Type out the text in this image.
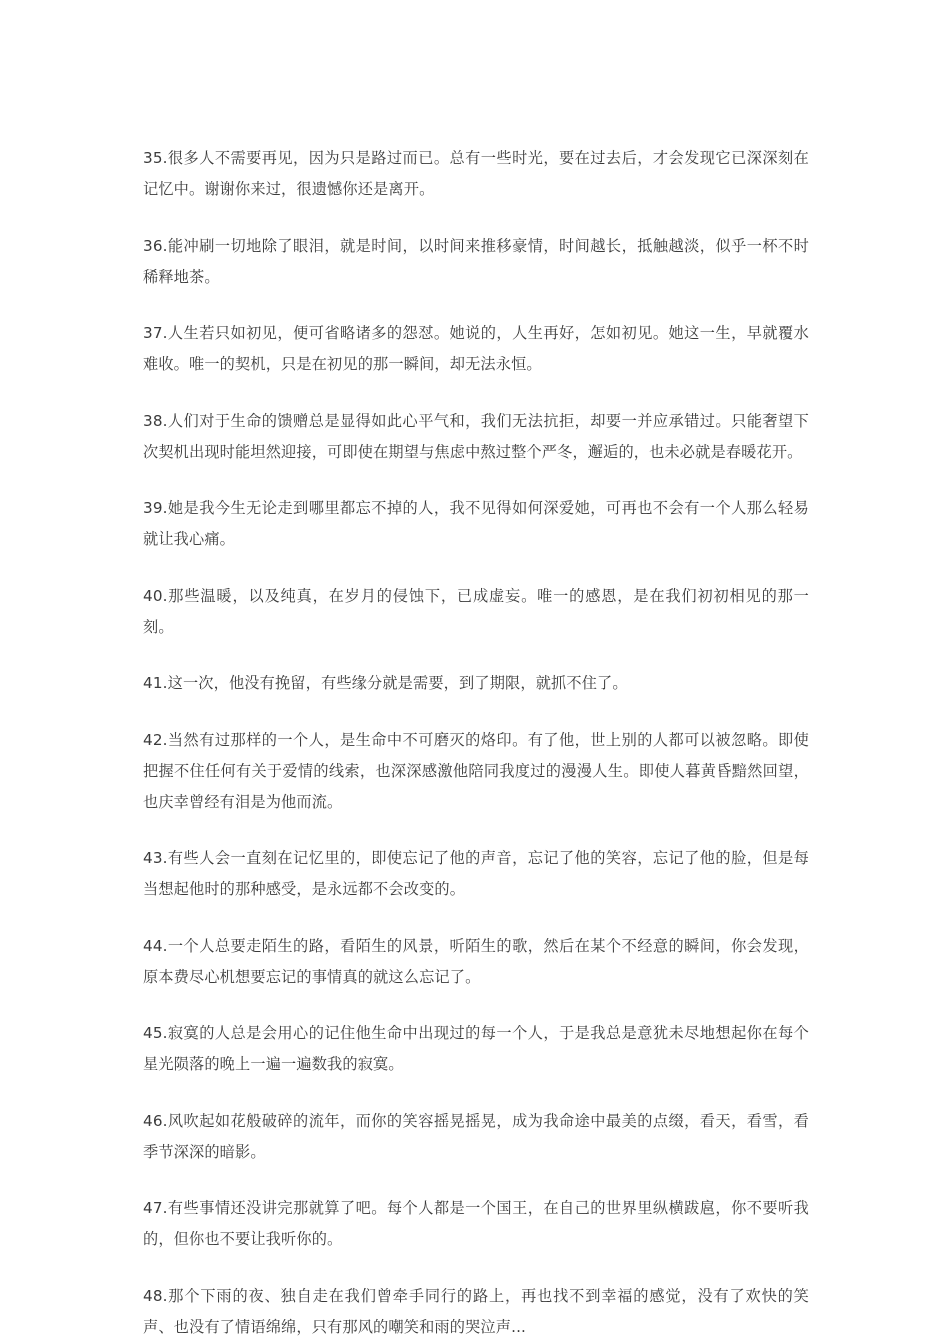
35.很多人不需要再见，因为只是路过而已。总有一些时光，要在过去后，才会发现它已深深刻在记忆中。谢谢你来过，很遗憾你还是离开。

36.能冲刷一切地除了眼泪，就是时间，以时间来推移豪情，时间越长，抵触越淡，似乎一杯不时稀释地茶。

37.人生若只如初见，便可省略诸多的怨怼。她说的，人生再好，怎如初见。她这一生，早就覆水难收。唯一的契机，只是在初见的那一瞬间，却无法永恒。

38.人们对于生命的馈赠总是显得如此心平气和，我们无法抗拒，却要一并应承错过。只能奢望下次契机出现时能坦然迎接，可即使在期望与焦虑中熬过整个严冬，邂逅的，也未必就是春暖花开。

39.她是我今生无论走到哪里都忘不掉的人，我不见得如何深爱她，可再也不会有一个人那么轻易就让我心痛。

40.那些温暖，以及纯真，在岁月的侵蚀下，已成虚妄。唯一的感恩，是在我们初初相见的那一刻。

41.这一次，他没有挽留，有些缘分就是需要，到了期限，就抓不住了。

42.当然有过那样的一个人，是生命中不可磨灭的烙印。有了他，世上别的人都可以被忽略。即使把握不住任何有关于爱情的线索，也深深感激他陪同我度过的漫漫人生。即使人暮黄昏黯然回望，也庆幸曾经有泪是为他而流。

43.有些人会一直刻在记忆里的，即使忘记了他的声音，忘记了他的笑容，忘记了他的脸，但是每当想起他时的那种感受，是永远都不会改变的。

44.一个人总要走陌生的路，看陌生的风景，听陌生的歌，然后在某个不经意的瞬间，你会发现，原本费尽心机想要忘记的事情真的就这么忘记了。

45.寂寞的人总是会用心的记住他生命中出现过的每一个人，于是我总是意犹未尽地想起你在每个星光陨落的晚上一遍一遍数我的寂寞。

46.风吹起如花般破碎的流年，而你的笑容摇晃摇晃，成为我命途中最美的点缀，看天，看雪，看季节深深的暗影。

47.有些事情还没讲完那就算了吧。每个人都是一个国王，在自己的世界里纵横跋扈，你不要听我的，但你也不要让我听你的。

48.那个下雨的夜、独自走在我们曾牵手同行的路上，再也找不到幸福的感觉，没有了欢快的笑声、也没有了情语绵绵，只有那风的嘲笑和雨的哭泣声...
